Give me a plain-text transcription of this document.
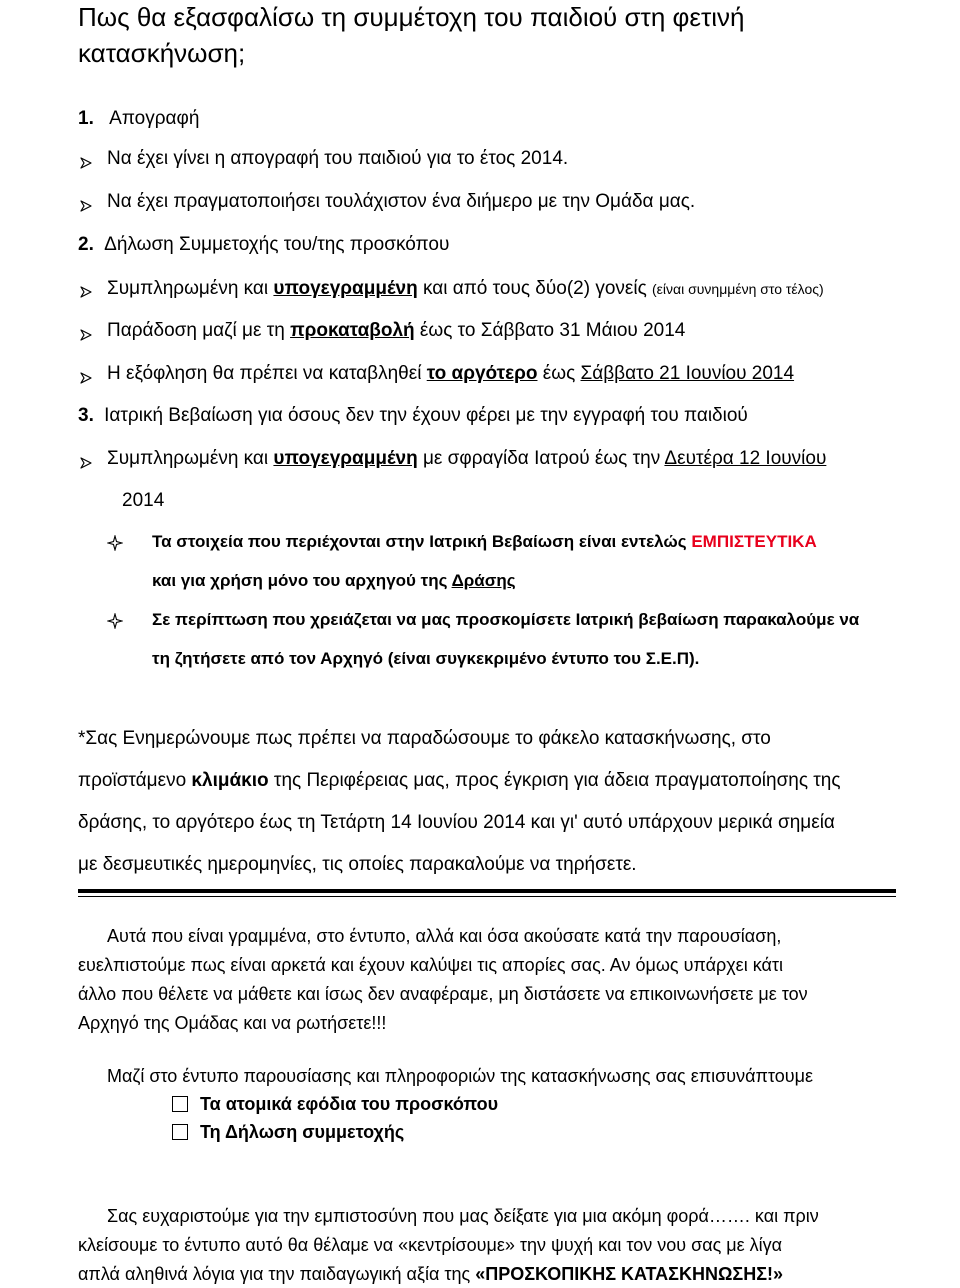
Πως θα εξασφαλίσω τη συμμέτοχη του παιδιού στη φετινή
κατασκήνωση;
1. Απογραφή
Να έχει γίνει η απογραφή του παιδιού για το έτος 2014.
Να έχει πραγματοποιήσει τουλάχιστον ένα διήμερο με την Ομάδα μας.
2. Δήλωση Συμμετοχής του/της προσκόπου
Συμπληρωμένη και υπογεγραμμένη και από τους δύο(2) γονείς (είναι συνημμένη στο τέλος)
Παράδοση μαζί με τη προκαταβολή έως το Σάββατο 31 Μάιου 2014
Η εξόφληση θα πρέπει να καταβληθεί το αργότερο έως Σάββατο 21 Ιουνίου 2014
3. Ιατρική Βεβαίωση για όσους δεν την έχουν φέρει με την εγγραφή του παιδιού
Συμπληρωμένη και υπογεγραμμένη με σφραγίδα Ιατρού έως την Δευτέρα 12 Ιουνίου
2014
Τα στοιχεία που περιέχονται στην Ιατρική Βεβαίωση είναι εντελώς ΕΜΠΙΣΤΕΥΤΙΚΑ
και για χρήση μόνο του αρχηγού της Δράσης
Σε περίπτωση που χρειάζεται να μας προσκομίσετε Ιατρική βεβαίωση παρακαλούμε να
τη ζητήσετε από τον Αρχηγό (είναι συγκεκριμένο έντυπο του Σ.Ε.Π).
*Σας Ενημερώνουμε πως πρέπει να παραδώσουμε το φάκελο κατασκήνωσης, στο
προϊστάμενο κλιμάκιο της Περιφέρειας μας, προς έγκριση για άδεια πραγματοποίησης της
δράσης, το αργότερο έως τη Τετάρτη 14 Ιουνίου 2014 και γι' αυτό υπάρχουν μερικά σημεία
με δεσμευτικές ημερομηνίες, τις οποίες παρακαλούμε να τηρήσετε.
Αυτά που είναι γραμμένα, στο έντυπο, αλλά και όσα ακούσατε κατά την παρουσίαση,
ευελπιστούμε πως είναι αρκετά και έχουν καλύψει τις απορίες σας. Αν όμως υπάρχει κάτι
άλλο που θέλετε να μάθετε και ίσως δεν αναφέραμε, μη διστάσετε να επικοινωνήσετε με τον
Αρχηγό της Ομάδας και να ρωτήσετε!!!
Μαζί στο έντυπο παρουσίασης και πληροφοριών της κατασκήνωσης σας επισυνάπτουμε
Τα ατομικά εφόδια του προσκόπου
Τη Δήλωση συμμετοχής
Σας ευχαριστούμε για την εμπιστοσύνη που μας δείξατε για μια ακόμη φορά……. και πριν
κλείσουμε το έντυπο αυτό θα θέλαμε να «κεντρίσουμε» την ψυχή και τον νου σας με λίγα
απλά αληθινά λόγια για την παιδαγωγική αξία της «ΠΡΟΣΚΟΠΙΚΗΣ ΚΑΤΑΣΚΗΝΩΣΗΣ!»
